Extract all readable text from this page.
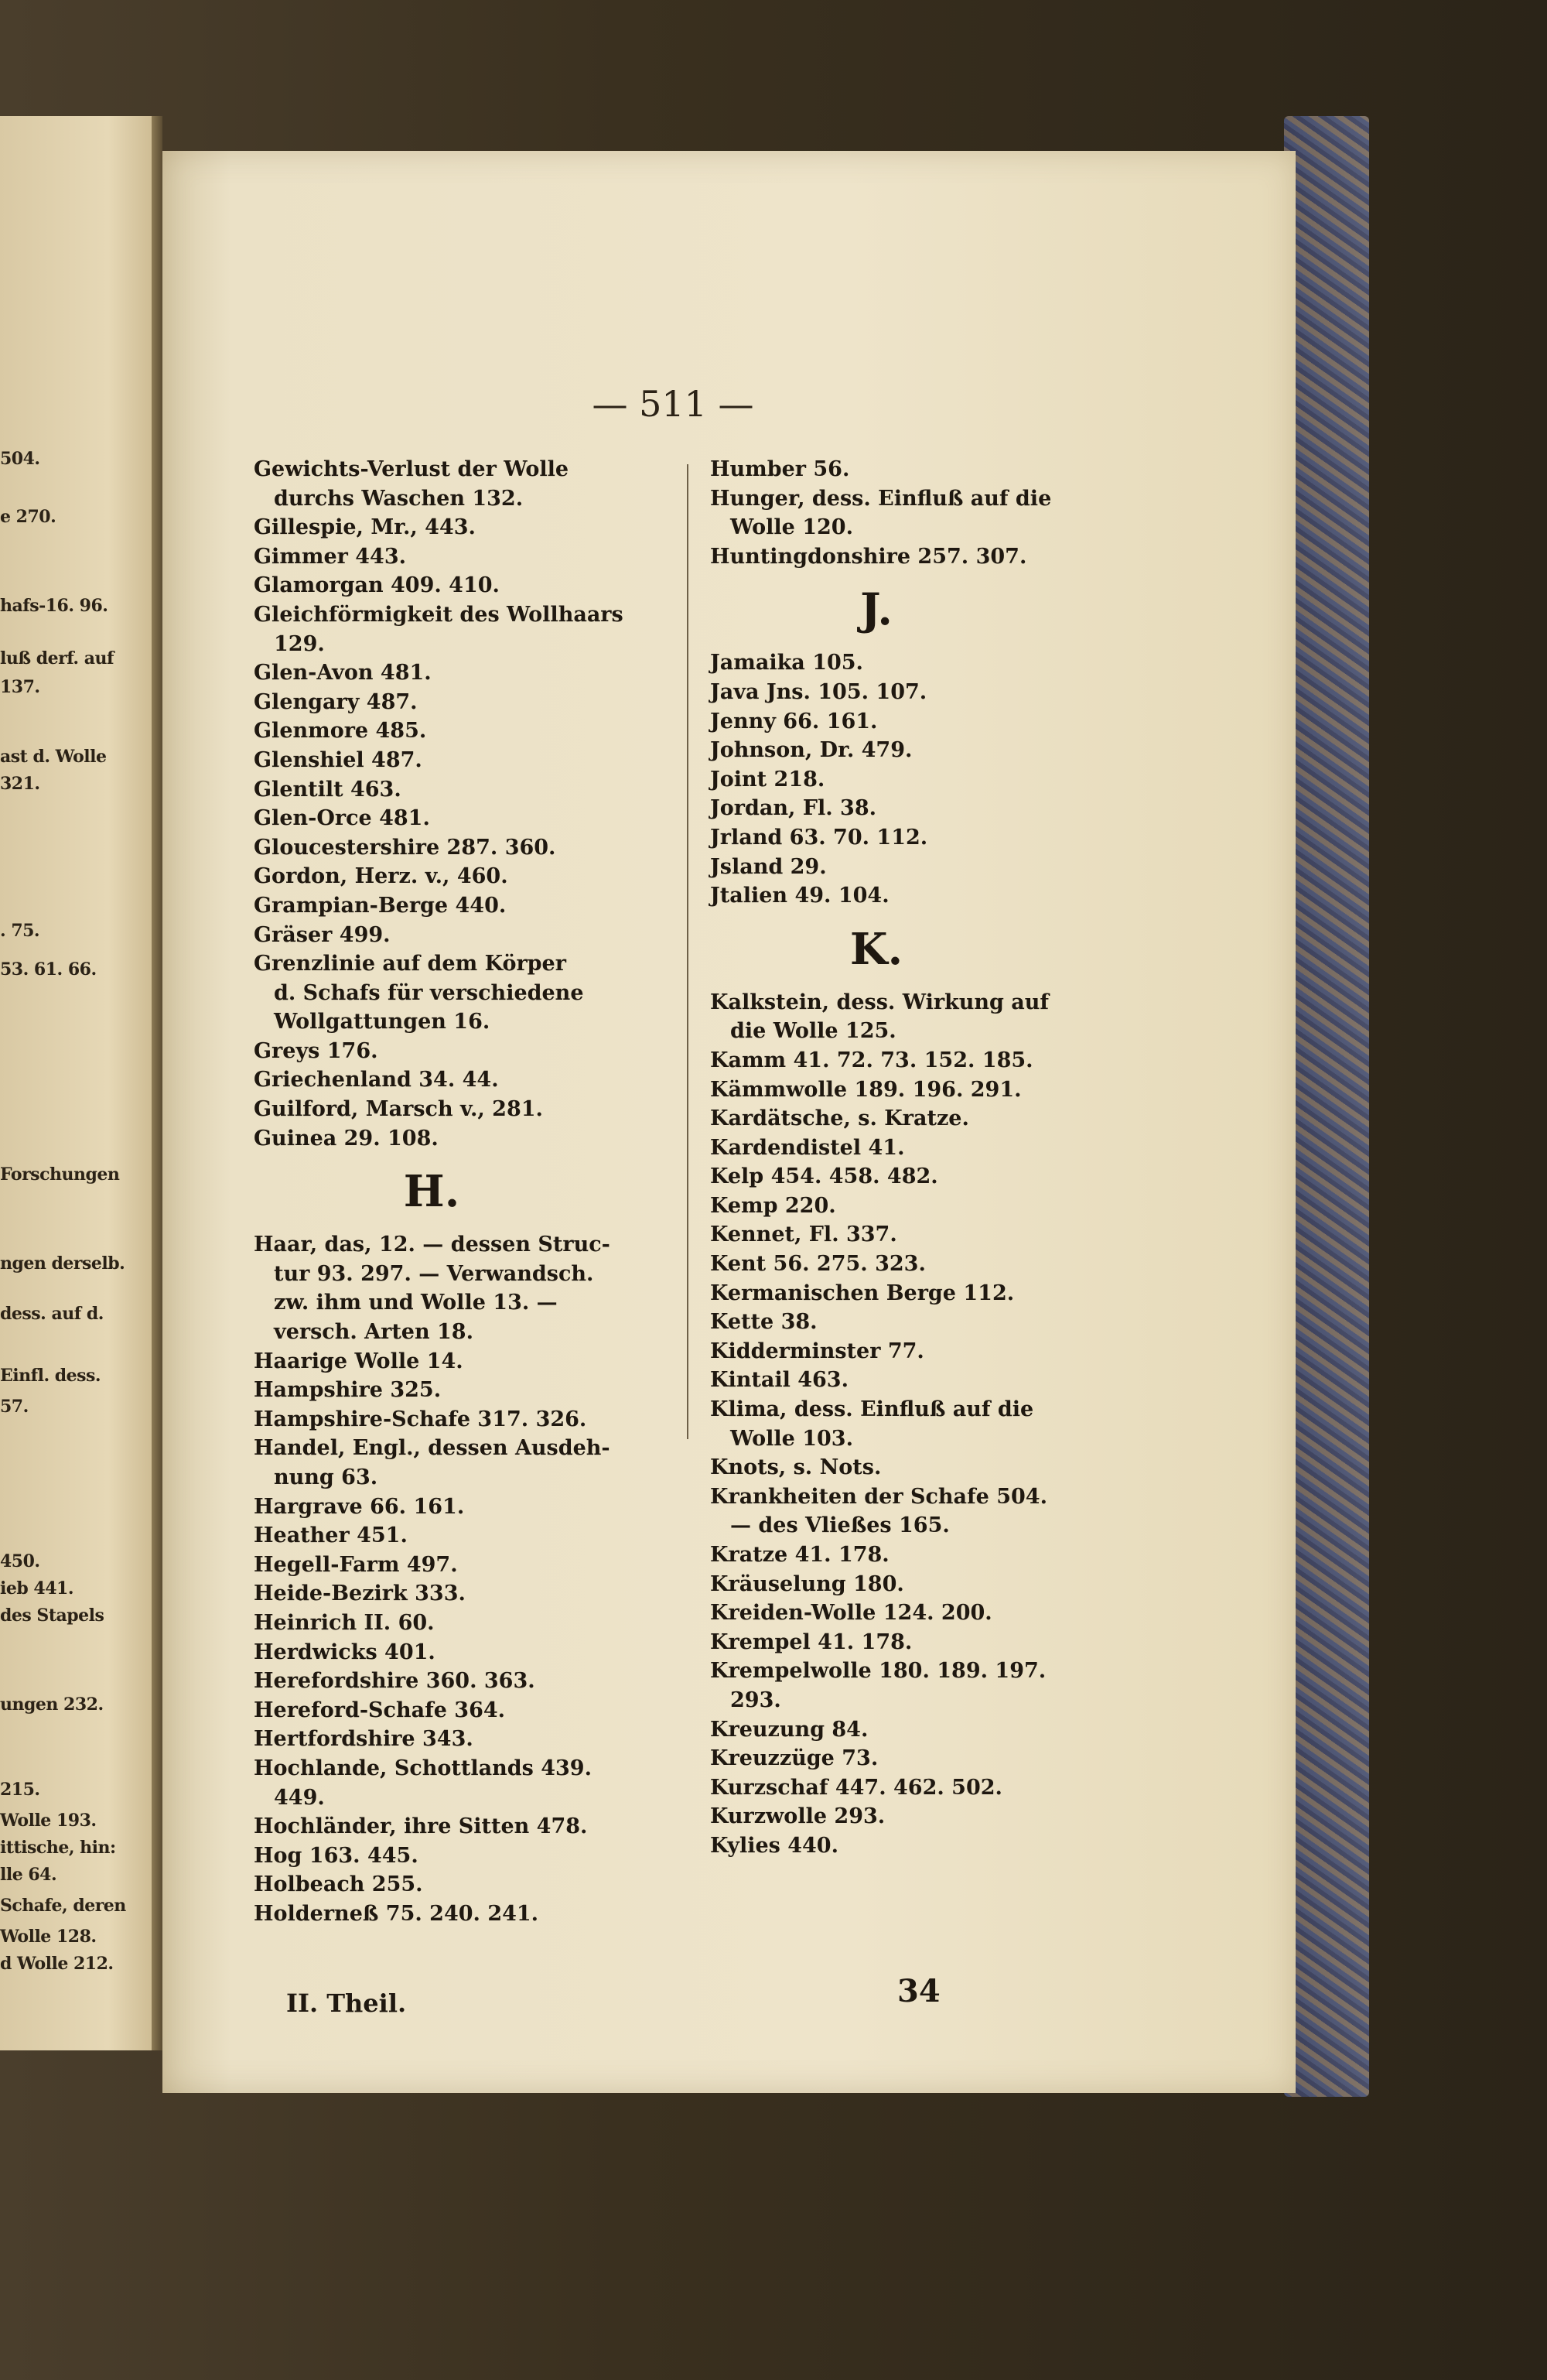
504.
e 270.
hafs-16. 96.
luß derf. auf
137.
ast d. Wolle
321.
. 75.
53. 61. 66.
Forschungen
ngen derselb.
dess. auf d.
Einfl. dess.
57.
450.
ieb 441.
des Stapels
ungen 232.
215.
Wolle 193.
ittische, hin:
lle 64.
Schafe, deren
Wolle 128.
d Wolle 212.
— 511 —
Gewichts-Verlust der Wolle
durchs Waschen 132.
Gillespie, Mr., 443.
Gimmer 443.
Glamorgan 409. 410.
Gleichförmigkeit des Wollhaars
129.
Glen-Avon 481.
Glengary 487.
Glenmore 485.
Glenshiel 487.
Glentilt 463.
Glen-Orce 481.
Gloucestershire 287. 360.
Gordon, Herz. v., 460.
Grampian-Berge 440.
Gräser 499.
Grenzlinie auf dem Körper
d. Schafs für verschiedene
Wollgattungen 16.
Greys 176.
Griechenland 34. 44.
Guilford, Marsch v., 281.
Guinea 29. 108.
H.
Haar, das, 12. — dessen Struc-
tur 93. 297. — Verwandsch.
zw. ihm und Wolle 13. —
versch. Arten 18.
Haarige Wolle 14.
Hampshire 325.
Hampshire-Schafe 317. 326.
Handel, Engl., dessen Ausdeh-
nung 63.
Hargrave 66. 161.
Heather 451.
Hegell-Farm 497.
Heide-Bezirk 333.
Heinrich II. 60.
Herdwicks 401.
Herefordshire 360. 363.
Hereford-Schafe 364.
Hertfordshire 343.
Hochlande, Schottlands 439.
449.
Hochländer, ihre Sitten 478.
Hog 163. 445.
Holbeach 255.
Holderneß 75. 240. 241.
Humber 56.
Hunger, dess. Einfluß auf die
Wolle 120.
Huntingdonshire 257. 307.
J.
Jamaika 105.
Java Jns. 105. 107.
Jenny 66. 161.
Johnson, Dr. 479.
Joint 218.
Jordan, Fl. 38.
Jrland 63. 70. 112.
Jsland 29.
Jtalien 49. 104.
K.
Kalkstein, dess. Wirkung auf
die Wolle 125.
Kamm 41. 72. 73. 152. 185.
Kämmwolle 189. 196. 291.
Kardätsche, s. Kratze.
Kardendistel 41.
Kelp 454. 458. 482.
Kemp 220.
Kennet, Fl. 337.
Kent 56. 275. 323.
Kermanischen Berge 112.
Kette 38.
Kidderminster 77.
Kintail 463.
Klima, dess. Einfluß auf die
Wolle 103.
Knots, s. Nots.
Krankheiten der Schafe 504.
— des Vließes 165.
Kratze 41. 178.
Kräuselung 180.
Kreiden-Wolle 124. 200.
Krempel 41. 178.
Krempelwolle 180. 189. 197.
293.
Kreuzung 84.
Kreuzzüge 73.
Kurzschaf 447. 462. 502.
Kurzwolle 293.
Kylies 440.
II. Theil.	34
